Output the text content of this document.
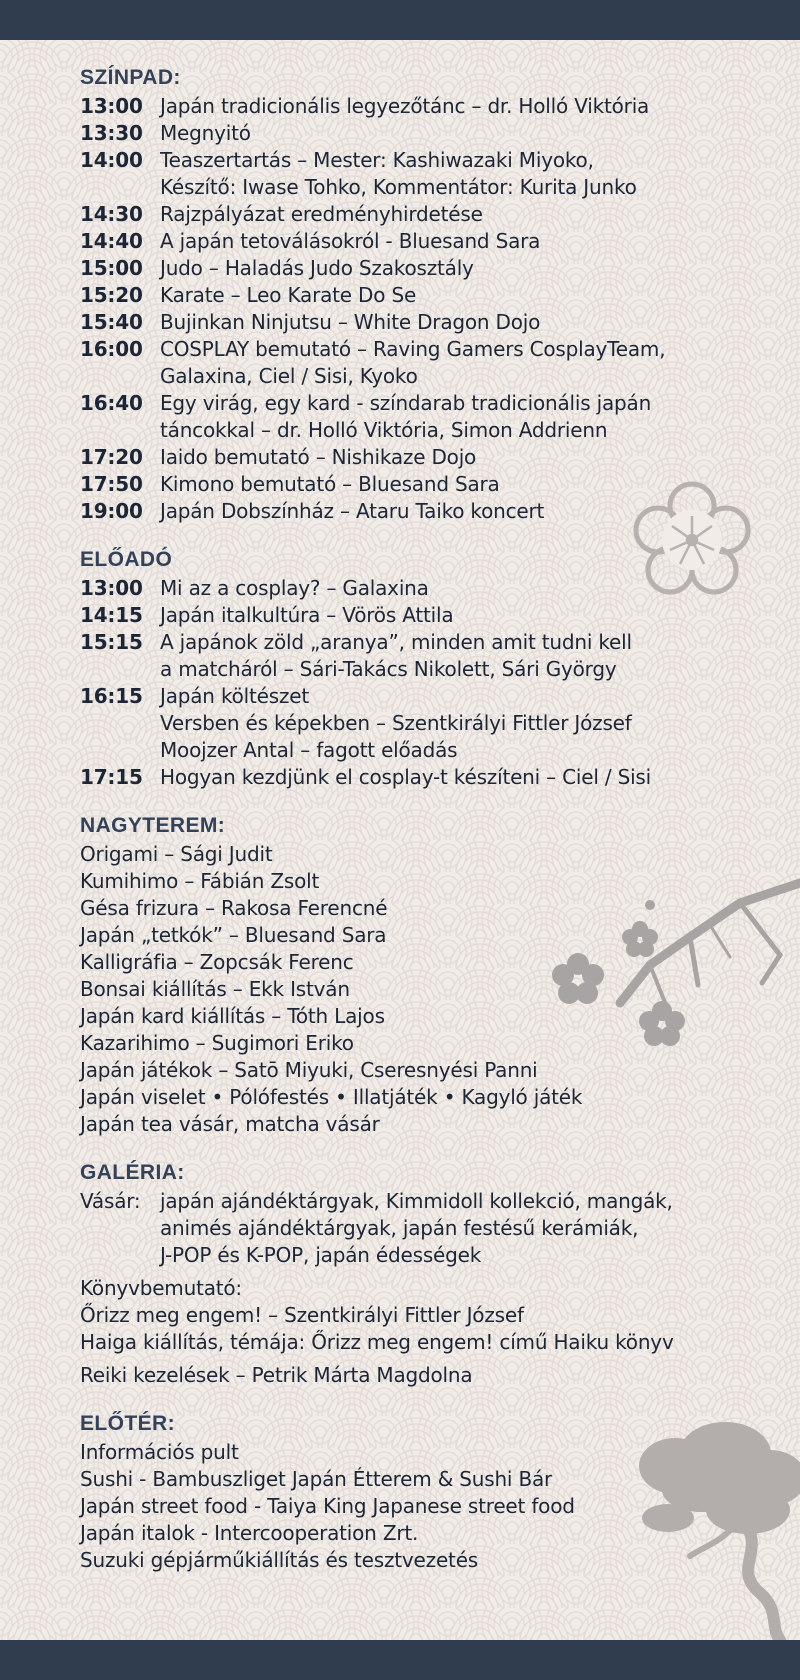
SZÍNPAD:
13:00 Japán tradicionális legyezőtánc – dr. Holló Viktória
13:30 Megnyitó
14:00 Teaszertartás – Mester: Kashiwazaki Miyoko,
Készítő: Iwase Tohko, Kommentátor: Kurita Junko
14:30 Rajzpályázat eredményhirdetése
14:40 A japán tetoválásokról - Bluesand Sara
15:00 Judo – Haladás Judo Szakosztály
15:20 Karate – Leo Karate Do Se
15:40 Bujinkan Ninjutsu – White Dragon Dojo
16:00 COSPLAY bemutató – Raving Gamers CosplayTeam,
Galaxina, Ciel / Sisi, Kyoko
16:40 Egy virág, egy kard - színdarab tradicionális japán
táncokkal – dr. Holló Viktória, Simon Addrienn
17:20 Iaido bemutató – Nishikaze Dojo
17:50 Kimono bemutató – Bluesand Sara
19:00 Japán Dobszínház – Ataru Taiko koncert
ELŐADÓ
13:00 Mi az a cosplay? – Galaxina
14:15 Japán italkultúra – Vörös Attila
15:15 A japánok zöld „aranya”, minden amit tudni kell
a matcháról – Sári-Takács Nikolett, Sári György
16:15 Japán költészet
Versben és képekben – Szentkirályi Fittler József
Moojzer Antal – fagott előadás
17:15 Hogyan kezdjünk el cosplay-t készíteni – Ciel / Sisi
NAGYTEREM:
Origami – Sági Judit
Kumihimo – Fábián Zsolt
Gésa frizura – Rakosa Ferencné
Japán „tetkók” – Bluesand Sara
Kalligráfia – Zopcsák Ferenc
Bonsai kiállítás – Ekk István
Japán kard kiállítás – Tóth Lajos
Kazarihimo – Sugimori Eriko
Japán játékok – Satō Miyuki, Cseresnyési Panni
Japán viselet • Pólófestés • Illatjáték • Kagyló játék
Japán tea vásár, matcha vásár
GALÉRIA:
Vásár: japán ajándéktárgyak, Kimmidoll kollekció, mangák,
animés ajándéktárgyak, japán festésű kerámiák,
J-POP és K-POP, japán édességek
Könyvbemutató:
Őrizz meg engem! – Szentkirályi Fittler József
Haiga kiállítás, témája: Őrizz meg engem! című Haiku könyv
Reiki kezelések – Petrik Márta Magdolna
ELŐTÉR:
Információs pult
Sushi - Bambuszliget Japán Étterem & Sushi Bár
Japán street food - Taiya King Japanese street food
Japán italok - Intercooperation Zrt.
Suzuki gépjárműkiállítás és tesztvezetés
